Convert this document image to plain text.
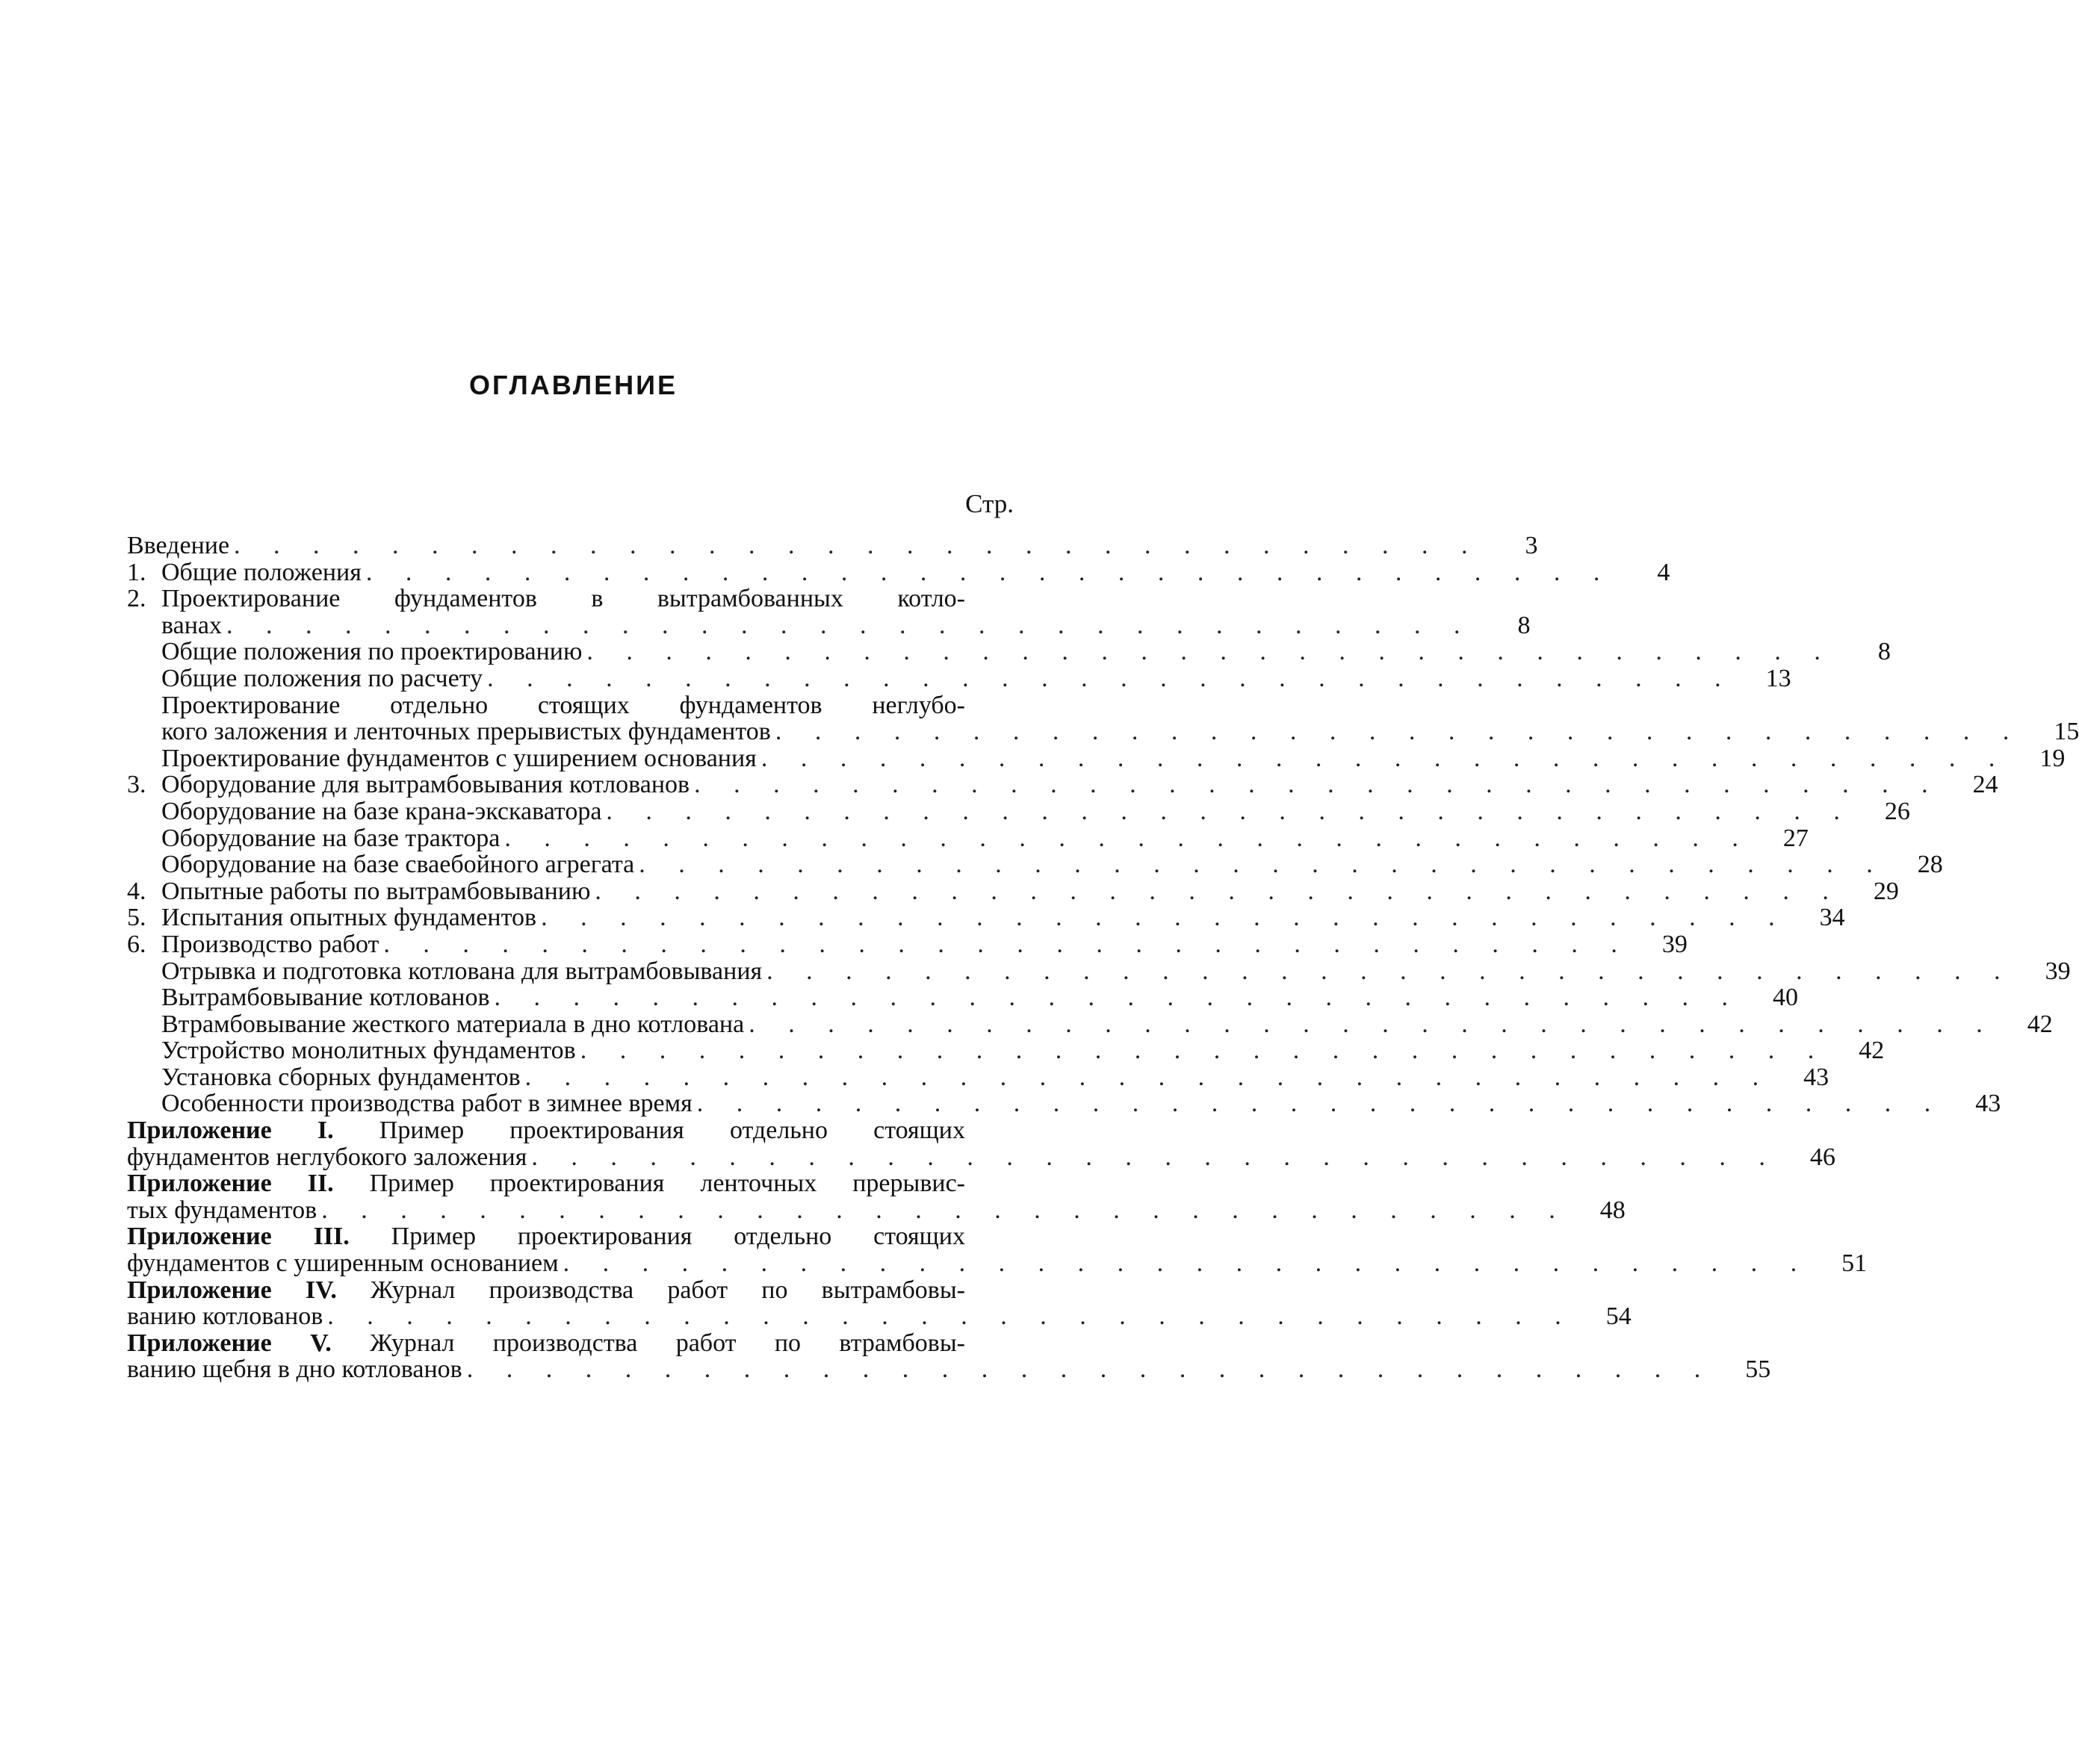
ОГЛАВЛЕНИЕ
Стр.
Введение . . . . . . . . . . . . . . . . . . . . . . . . . . . . . . . .	3
1. Общие положения . . . . . . . . . . . . . . . . . . . . . . . . . . . . . . . .	4
2. Проектирование фундаментов в вытрамбованных котло-
ванах . . . . . . . . . . . . . . . . . . . . . . . . . . . . . . . .	8
Общие положения по проектированию . . . . . . . . . . . . . . . . . . . . . . . . . . . . . . . .	8
Общие положения по расчету . . . . . . . . . . . . . . . . . . . . . . . . . . . . . . . .	13
Проектирование отдельно стоящих фундаментов неглубо-
кого заложения и ленточных прерывистых фундаментов . . . . . . . . . . . . . . . . . . . . . . . . . . . . . . . .	15
Проектирование фундаментов с уширением основания . . . . . . . . . . . . . . . . . . . . . . . . . . . . . . . .	19
3. Оборудование для вытрамбовывания котлованов . . . . . . . . . . . . . . . . . . . . . . . . . . . . . . . .	24
Оборудование на базе крана-экскаватора . . . . . . . . . . . . . . . . . . . . . . . . . . . . . . . .	26
Оборудование на базе трактора . . . . . . . . . . . . . . . . . . . . . . . . . . . . . . . .	27
Оборудование на базе сваебойного агрегата . . . . . . . . . . . . . . . . . . . . . . . . . . . . . . . .	28
4. Опытные работы по вытрамбовыванию . . . . . . . . . . . . . . . . . . . . . . . . . . . . . . . .	29
5. Испытания опытных фундаментов . . . . . . . . . . . . . . . . . . . . . . . . . . . . . . . .	34
6. Производство работ . . . . . . . . . . . . . . . . . . . . . . . . . . . . . . . .	39
Отрывка и подготовка котлована для вытрамбовывания . . . . . . . . . . . . . . . . . . . . . . . . . . . . . . . .	39
Вытрамбовывание котлованов . . . . . . . . . . . . . . . . . . . . . . . . . . . . . . . .	40
Втрамбовывание жесткого материала в дно котлована . . . . . . . . . . . . . . . . . . . . . . . . . . . . . . . .	42
Устройство монолитных фундаментов . . . . . . . . . . . . . . . . . . . . . . . . . . . . . . . .	42
Установка сборных фундаментов . . . . . . . . . . . . . . . . . . . . . . . . . . . . . . . .	43
Особенности производства работ в зимнее время . . . . . . . . . . . . . . . . . . . . . . . . . . . . . . . .	43
Приложение I. Пример проектирования отдельно стоящих
фундаментов неглубокого заложения . . . . . . . . . . . . . . . . . . . . . . . . . . . . . . . .	46
Приложение II. Пример проектирования ленточных прерывис-
тых фундаментов . . . . . . . . . . . . . . . . . . . . . . . . . . . . . . . .	48
Приложение III. Пример проектирования отдельно стоящих
фундаментов с уширенным основанием . . . . . . . . . . . . . . . . . . . . . . . . . . . . . . . .	51
Приложение IV. Журнал производства работ по вытрамбовы-
ванию котлованов . . . . . . . . . . . . . . . . . . . . . . . . . . . . . . . .	54
Приложение V. Журнал производства работ по втрамбовы-
ванию щебня в дно котлованов . . . . . . . . . . . . . . . . . . . . . . . . . . . . . . . .	55
